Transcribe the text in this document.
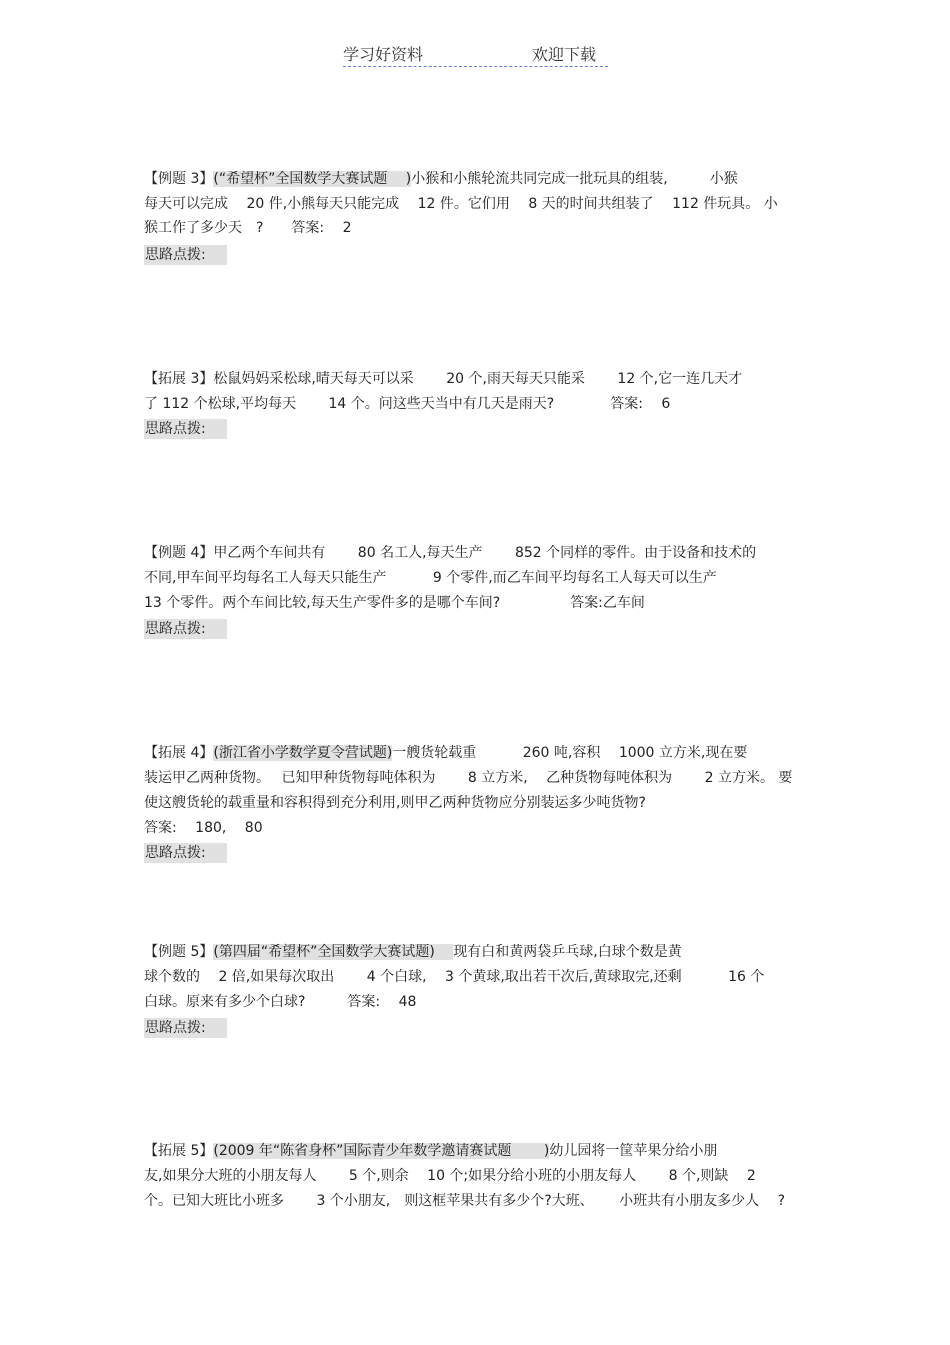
学习好资料	欢迎下载
【例题 3】(“希望杯”全国数学大赛试题　 )小猴和小熊轮流共同完成一批玩具的组装,　　　小猴
每天可以完成　 20 件,小熊每天只能完成　 12 件。它们用　 8 天的时间共组装了　 112 件玩具。 小
猴工作了多少天　?　　答案:　 2
思路点拨:
【拓展 3】松鼠妈妈采松球,晴天每天可以采　　 20 个,雨天每天只能采　　 12 个,它一连几天才
了 112 个松球,平均每天　　 14 个。问这些天当中有几天是雨天?　　　　答案:　 6
思路点拨:
【例题 4】甲乙两个车间共有　　 80 名工人,每天生产　　 852 个同样的零件。由于设备和技术的
不同,甲车间平均每名工人每天只能生产　　　 9 个零件,而乙车间平均每名工人每天可以生产
13 个零件。两个车间比较,每天生产零件多的是哪个车间?　　　　　答案:乙车间
思路点拨:
【拓展 4】(浙江省小学数学夏令营试题)一艘货轮载重　　　 260 吨,容积　 1000 立方米,现在要
装运甲乙两种货物。　 已知甲种货物每吨体积为　　 8 立方米,　 乙种货物每吨体积为　　 2 立方米。 要
使这艘货轮的载重量和容积得到充分利用,则甲乙两种货物应分别装运多少吨货物?
答案:　 180,　 80
思路点拨:
【例题 5】(第四届“希望杯”全国数学大赛试题)　 现有白和黄两袋乒乓球,白球个数是黄
球个数的　 2 倍,如果每次取出　　 4 个白球,　 3 个黄球,取出若干次后,黄球取完,还剩　　　 16 个
白球。原来有多少个白球?　　　答案:　 48
思路点拨:
【拓展 5】(2009 年“陈省身杯”国际青少年数学邀请赛试题　　 )幼儿园将一筐苹果分给小朋
友,如果分大班的小朋友每人　　 5 个,则余　 10 个;如果分给小班的小朋友每人　　 8 个,则缺　 2
个。已知大班比小班多　　 3 个小朋友,　则这框苹果共有多少个?大班、　　 小班共有小朋友多少人　 ?
